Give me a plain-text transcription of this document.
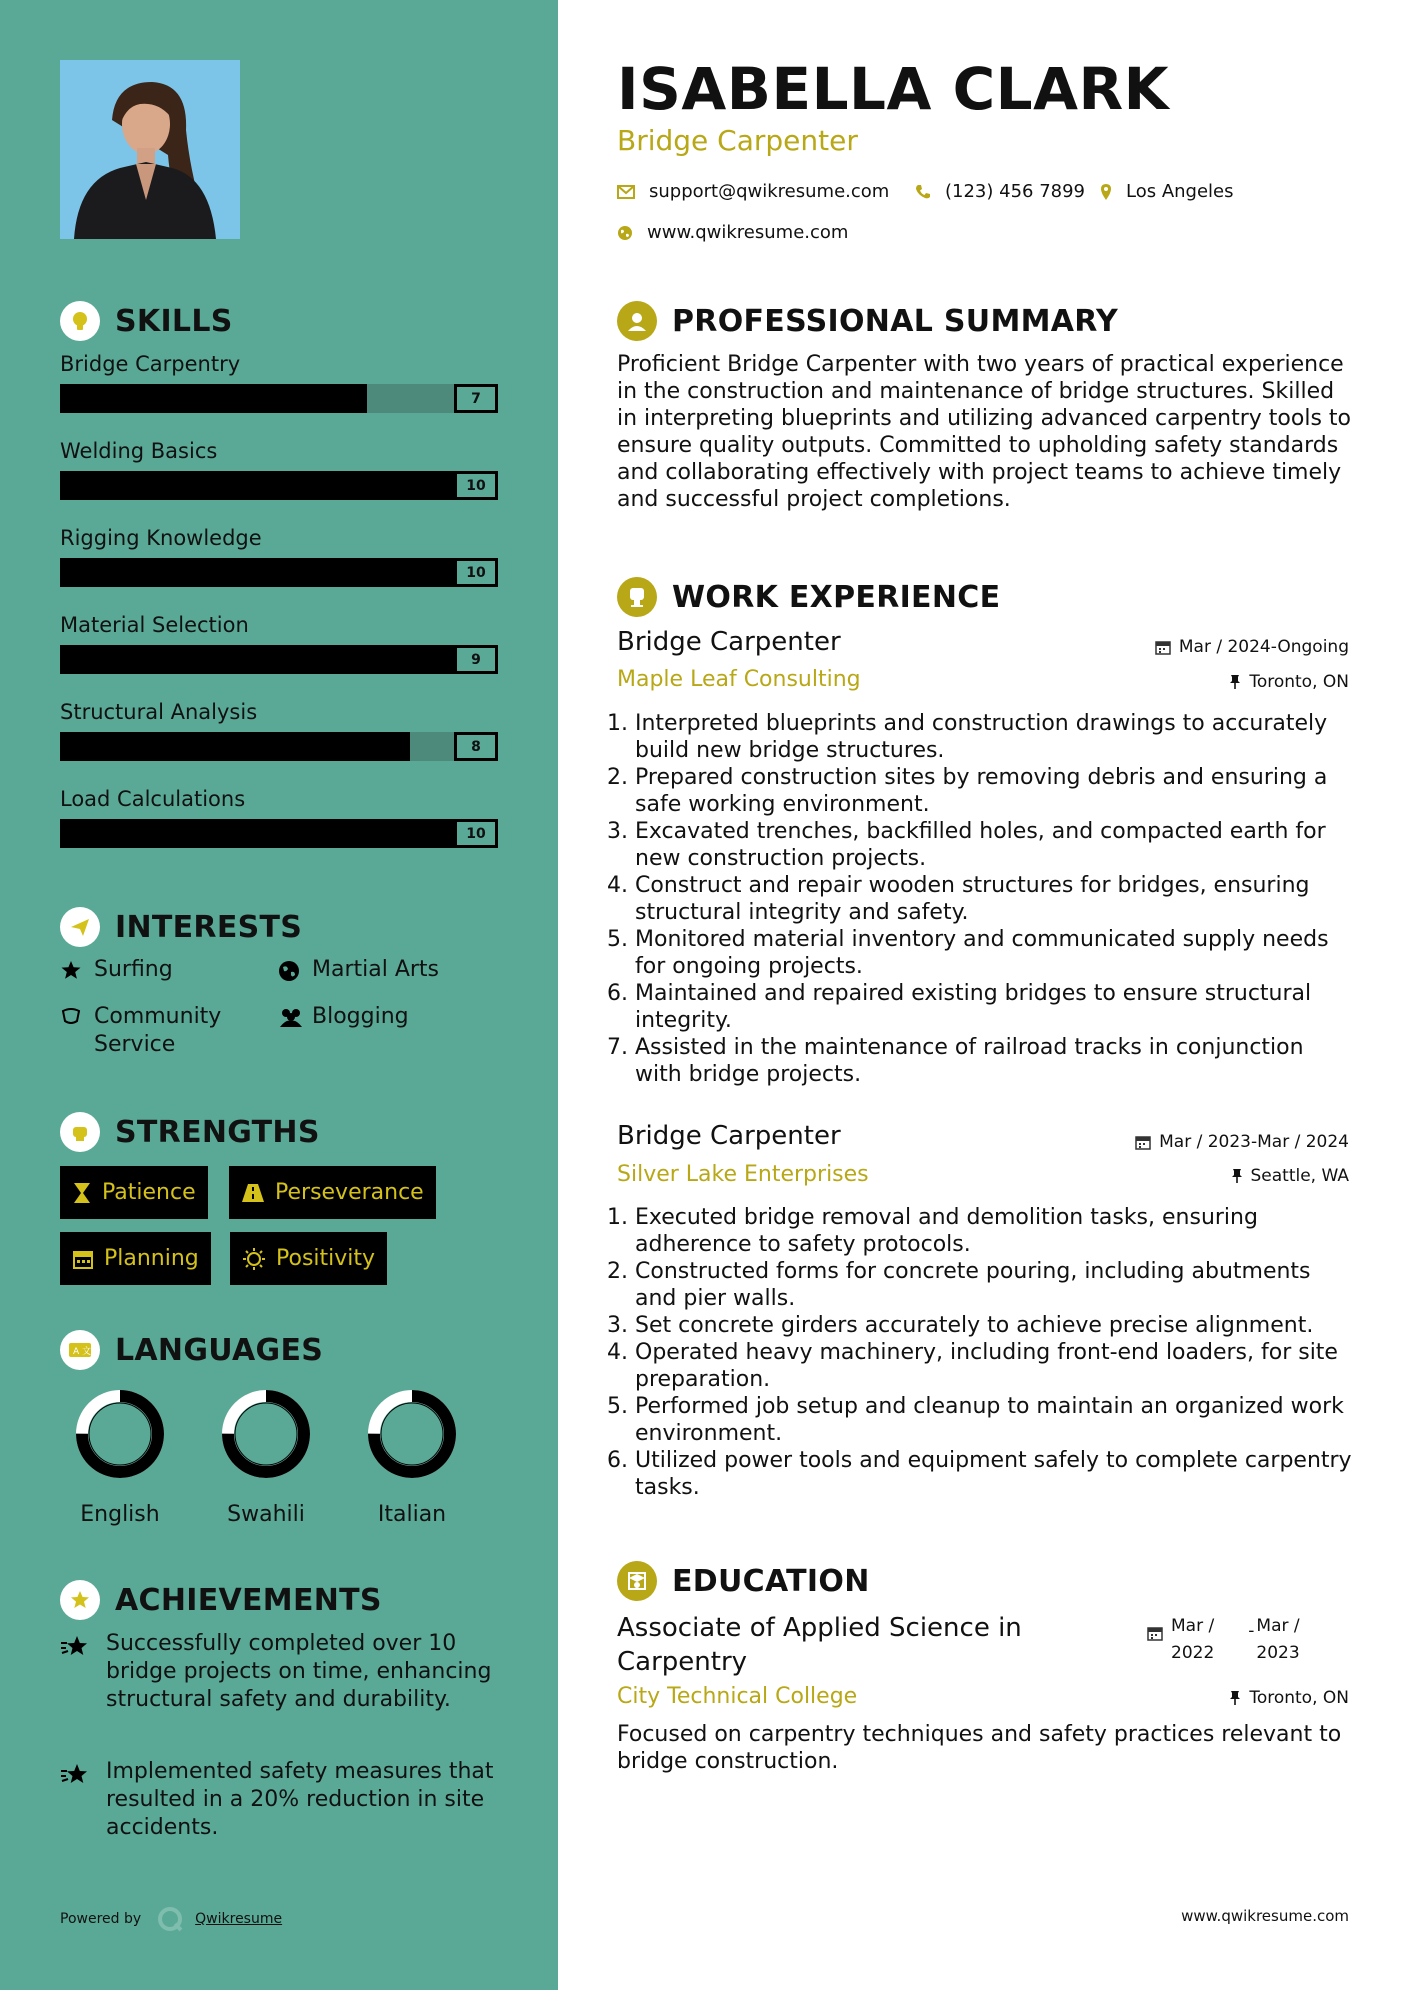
SKILLS
Bridge Carpentry
7
Welding Basics
10
Rigging Knowledge
10
Material Selection
9
Structural Analysis
8
Load Calculations
10
INTERESTS
Surfing	Martial Arts
Community Service
Blogging
STRENGTHS
Patience	Perseverance
Planning	Positivity
A 文 LANGUAGES
English	Swahili	Italian
ACHIEVEMENTS
Successfully completed over 10 bridge projects on time, enhancing structural safety and durability.
Implemented safety measures that resulted in a 20% reduction in site accidents.
Powered by	Qwikresume
ISABELLA CLARK
Bridge Carpenter
support@qwikresume.com	(123) 456 7899 Los Angeles
www.qwikresume.com
PROFESSIONAL SUMMARY
Proficient Bridge Carpenter with two years of practical experience in the construction and maintenance of bridge structures. Skilled in interpreting blueprints and utilizing advanced carpentry tools to ensure quality outputs. Committed to upholding safety standards and collaborating effectively with project teams to achieve timely and successful project completions.
WORK EXPERIENCE
Bridge Carpenter	Mar / 2024-Ongoing
Maple Leaf Consulting	Toronto, ON
1. Interpreted blueprints and construction drawings to accurately build new bridge structures.
2. Prepared construction sites by removing debris and ensuring a safe working environment.
3. Excavated trenches, backfilled holes, and compacted earth for new construction projects.
4. Construct and repair wooden structures for bridges, ensuring structural integrity and safety.
5. Monitored material inventory and communicated supply needs for ongoing projects.
6. Maintained and repaired existing bridges to ensure structural integrity.
7. Assisted in the maintenance of railroad tracks in conjunction with bridge projects.
Bridge Carpenter	Mar / 2023-Mar / 2024
Silver Lake Enterprises	Seattle, WA
1. Executed bridge removal and demolition tasks, ensuring adherence to safety protocols.
2. Constructed forms for concrete pouring, including abutments and pier walls.
3. Set concrete girders accurately to achieve precise alignment.
4. Operated heavy machinery, including front-end loaders, for site preparation.
5. Performed job setup and cleanup to maintain an organized work environment.
6. Utilized power tools and equipment safely to complete carpentry tasks.
EDUCATION
Associate of Applied Science in Carpentry
Mar /
2022
- Mar /
2023
City Technical College	Toronto, ON
Focused on carpentry techniques and safety practices relevant to bridge construction.
www.qwikresume.com
